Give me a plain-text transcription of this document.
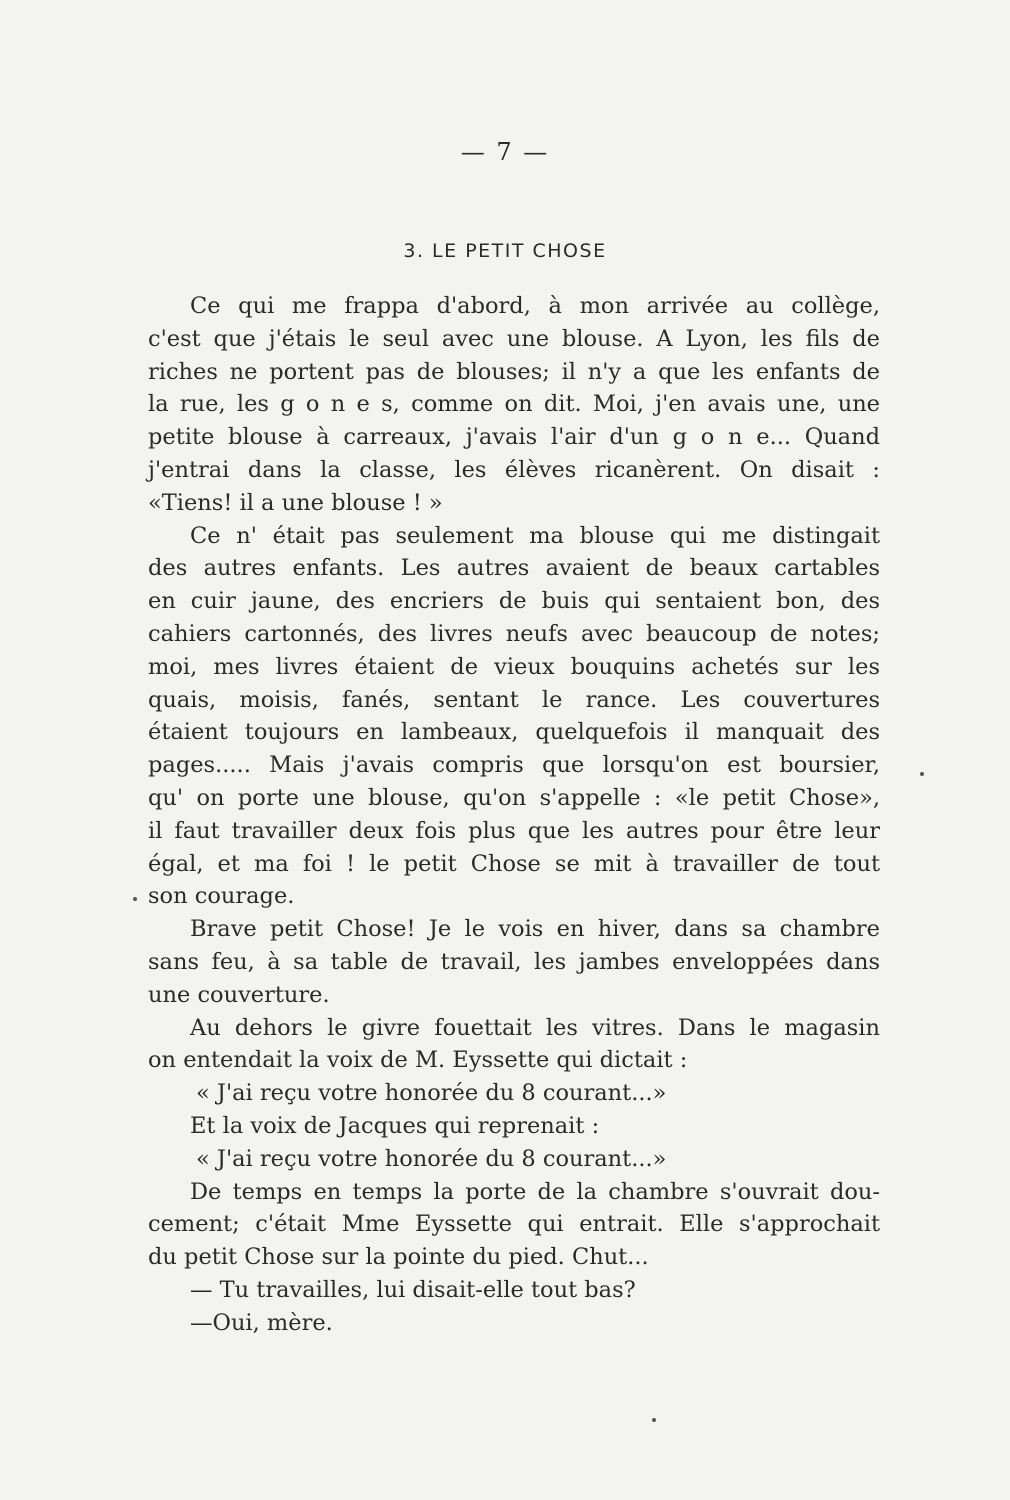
— 7 —
3. LE PETIT CHOSE
Ce qui me frappa d'abord, à mon arrivée au collège,
c'est que j'étais le seul avec une blouse. A Lyon, les fils de
riches ne portent pas de blouses; il n'y a que les enfants de
la rue, les g o n e s, comme on dit. Moi, j'en avais une, une
petite blouse à carreaux, j'avais l'air d'un g o n e... Quand
j'entrai dans la classe, les élèves ricanèrent. On disait :
«Tiens! il a une blouse ! »
Ce n' était pas seulement ma blouse qui me distingait
des autres enfants. Les autres avaient de beaux cartables
en cuir jaune, des encriers de buis qui sentaient bon, des
cahiers cartonnés, des livres neufs avec beaucoup de notes;
moi, mes livres étaient de vieux bouquins achetés sur les
quais, moisis, fanés, sentant le rance. Les couvertures
étaient toujours en lambeaux, quelquefois il manquait des
pages..... Mais j'avais compris que lorsqu'on est boursier,
qu' on porte une blouse, qu'on s'appelle : «le petit Chose»,
il faut travailler deux fois plus que les autres pour être leur
égal, et ma foi ! le petit Chose se mit à travailler de tout
son courage.
Brave petit Chose! Je le vois en hiver, dans sa chambre
sans feu, à sa table de travail, les jambes enveloppées dans
une couverture.
Au dehors le givre fouettait les vitres. Dans le magasin
on entendait la voix de M. Eyssette qui dictait :
« J'ai reçu votre honorée du 8 courant...»
Et la voix de Jacques qui reprenait :
« J'ai reçu votre honorée du 8 courant...»
De temps en temps la porte de la chambre s'ouvrait dou-
cement; c'était Mme Eyssette qui entrait. Elle s'approchait
du petit Chose sur la pointe du pied. Chut...
— Tu travailles, lui disait-elle tout bas?
—Oui, mère.
